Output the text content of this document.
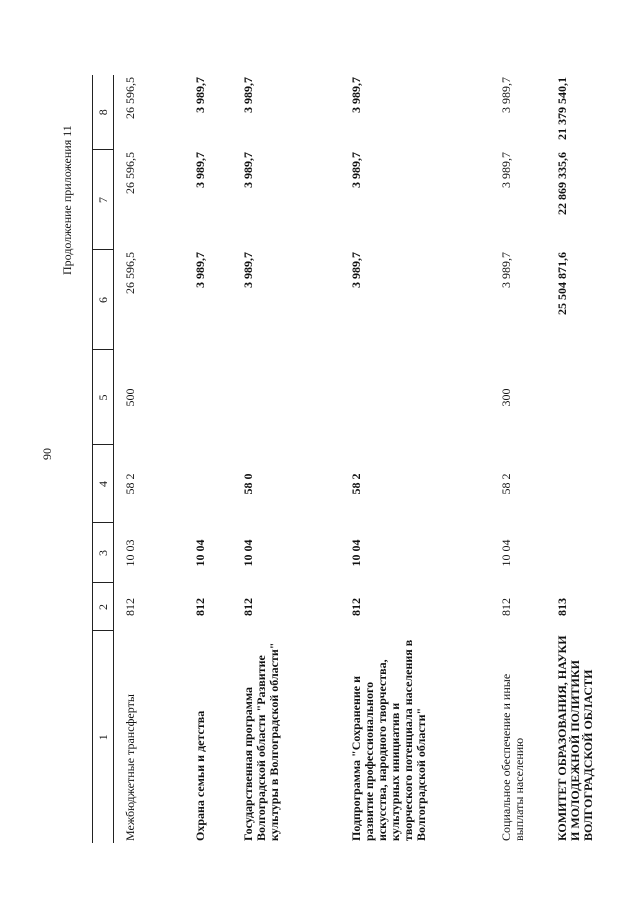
90
Продолжение приложения 11
1	2	3	4	5	6	7	8
Межбюджетные трансферты	812	10 03	58 2	500	26 596,5	26 596,5	26 596,5
Охрана семьи и детства	812	10 04			3 989,7	3 989,7	3 989,7
Государственная программа Волгоградской области "Развитие культуры в Волгоградской области"	812	10 04	58 0		3 989,7	3 989,7	3 989,7
Подпрограмма "Сохранение и развитие профессионального искусства, народного творчества, культурных инициатив и творческого потенциала населения в Волгоградской области"	812	10 04	58 2		3 989,7	3 989,7	3 989,7
Социальное обеспечение и иные выплаты населению	812	10 04	58 2	300	3 989,7	3 989,7	3 989,7
КОМИТЕТ ОБРАЗОВАНИЯ, НАУКИ И МОЛОДЕЖНОЙ ПОЛИТИКИ ВОЛГОГРАДСКОЙ ОБЛАСТИ	813				25 504 871,6	22 869 335,6	21 379 540,1
